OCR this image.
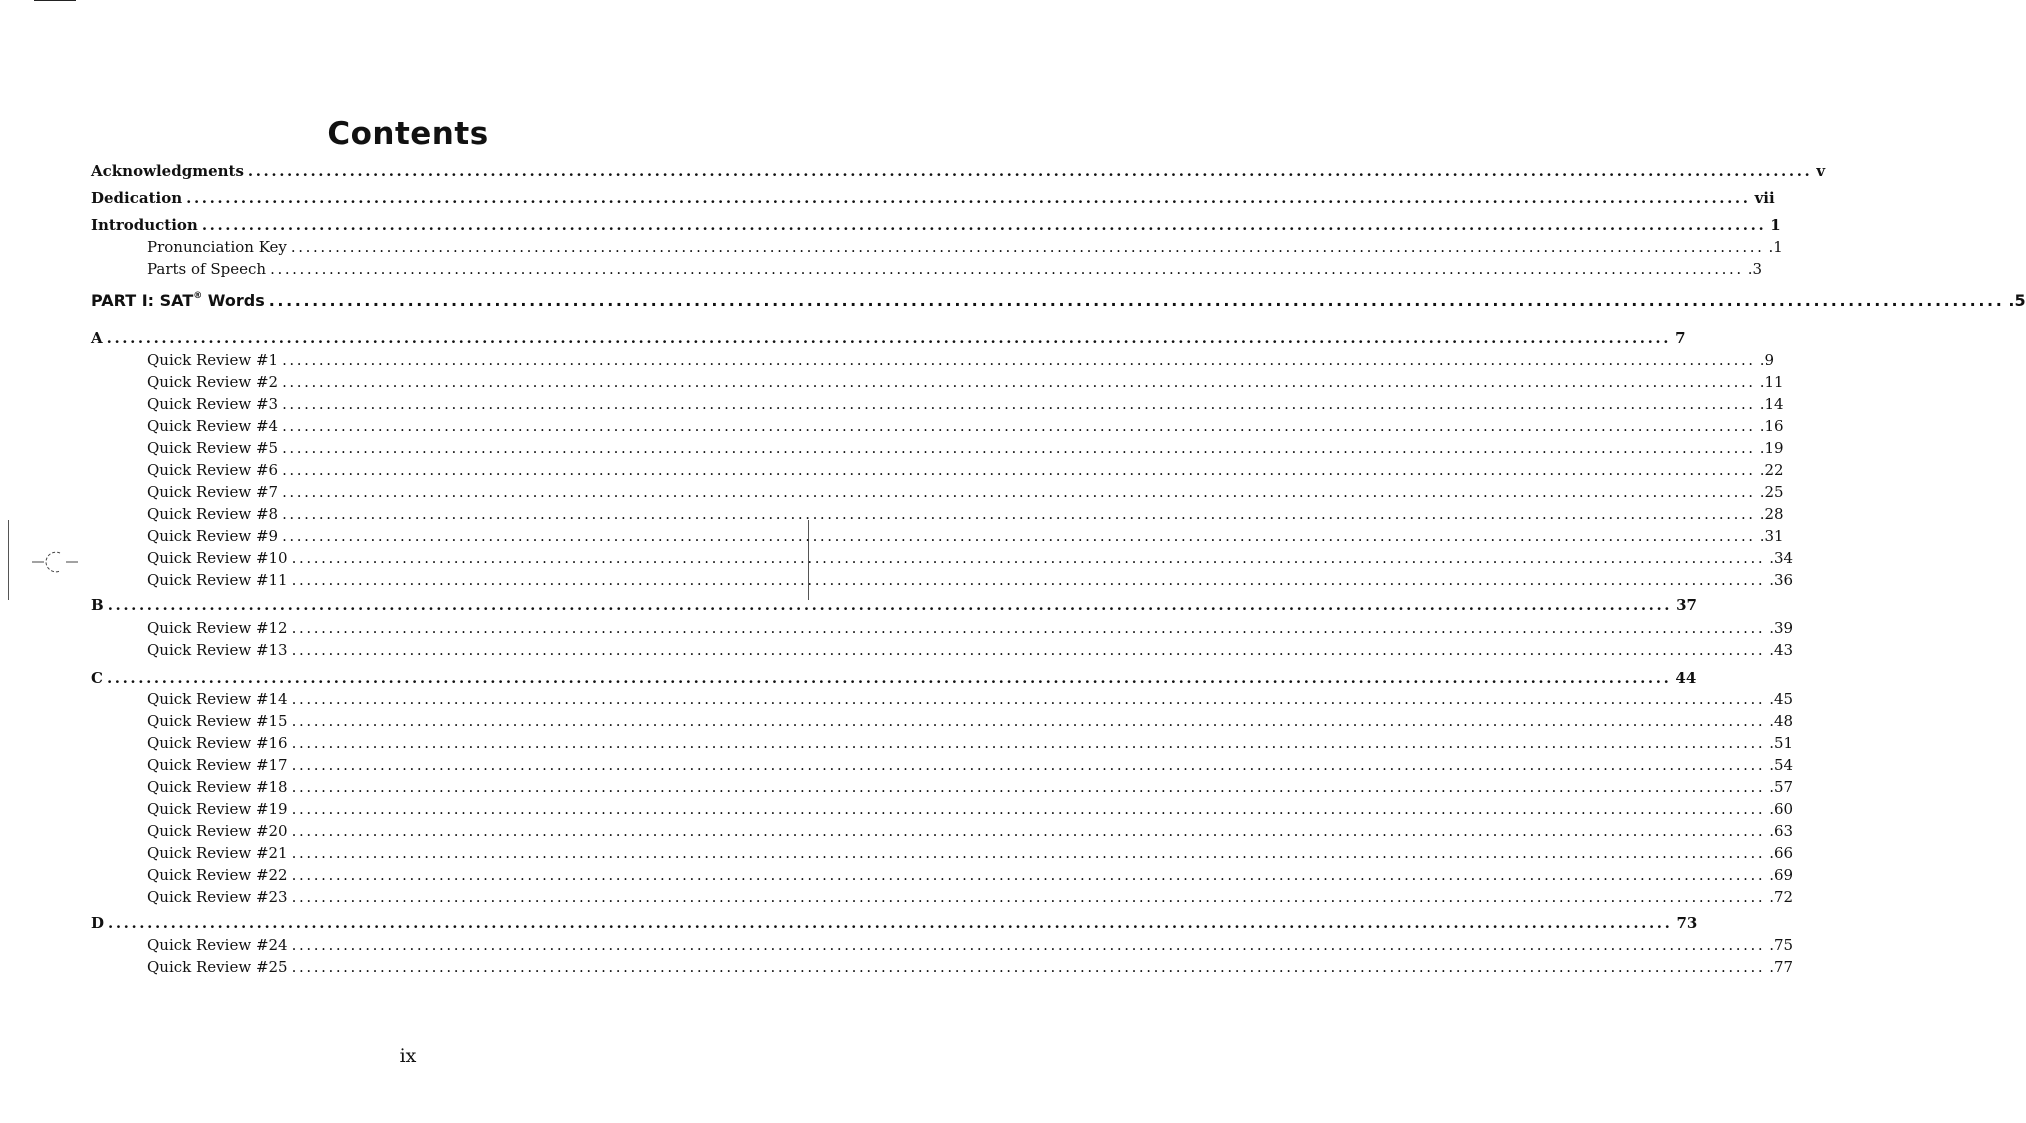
Contents
Acknowledgments ........................................................................................................................................................................................................ v
Dedication ........................................................................................................................................................................................................ vii
Introduction ........................................................................................................................................................................................................ 1
Pronunciation Key ........................................................................................................................................................................................................ .1
Parts of Speech ........................................................................................................................................................................................................ .3
PART I: SAT® Words ........................................................................................................................................................................................................ .5
A ........................................................................................................................................................................................................ 7
Quick Review #1 ........................................................................................................................................................................................................ .9
Quick Review #2 ........................................................................................................................................................................................................ .11
Quick Review #3 ........................................................................................................................................................................................................ .14
Quick Review #4 ........................................................................................................................................................................................................ .16
Quick Review #5 ........................................................................................................................................................................................................ .19
Quick Review #6 ........................................................................................................................................................................................................ .22
Quick Review #7 ........................................................................................................................................................................................................ .25
Quick Review #8 ........................................................................................................................................................................................................ .28
Quick Review #9 ........................................................................................................................................................................................................ .31
Quick Review #10 ........................................................................................................................................................................................................ .34
Quick Review #11 ........................................................................................................................................................................................................ .36
B ........................................................................................................................................................................................................ 37
Quick Review #12 ........................................................................................................................................................................................................ .39
Quick Review #13 ........................................................................................................................................................................................................ .43
C ........................................................................................................................................................................................................ 44
Quick Review #14 ........................................................................................................................................................................................................ .45
Quick Review #15 ........................................................................................................................................................................................................ .48
Quick Review #16 ........................................................................................................................................................................................................ .51
Quick Review #17 ........................................................................................................................................................................................................ .54
Quick Review #18 ........................................................................................................................................................................................................ .57
Quick Review #19 ........................................................................................................................................................................................................ .60
Quick Review #20 ........................................................................................................................................................................................................ .63
Quick Review #21 ........................................................................................................................................................................................................ .66
Quick Review #22 ........................................................................................................................................................................................................ .69
Quick Review #23 ........................................................................................................................................................................................................ .72
D ........................................................................................................................................................................................................ 73
Quick Review #24 ........................................................................................................................................................................................................ .75
Quick Review #25 ........................................................................................................................................................................................................ .77
ix
